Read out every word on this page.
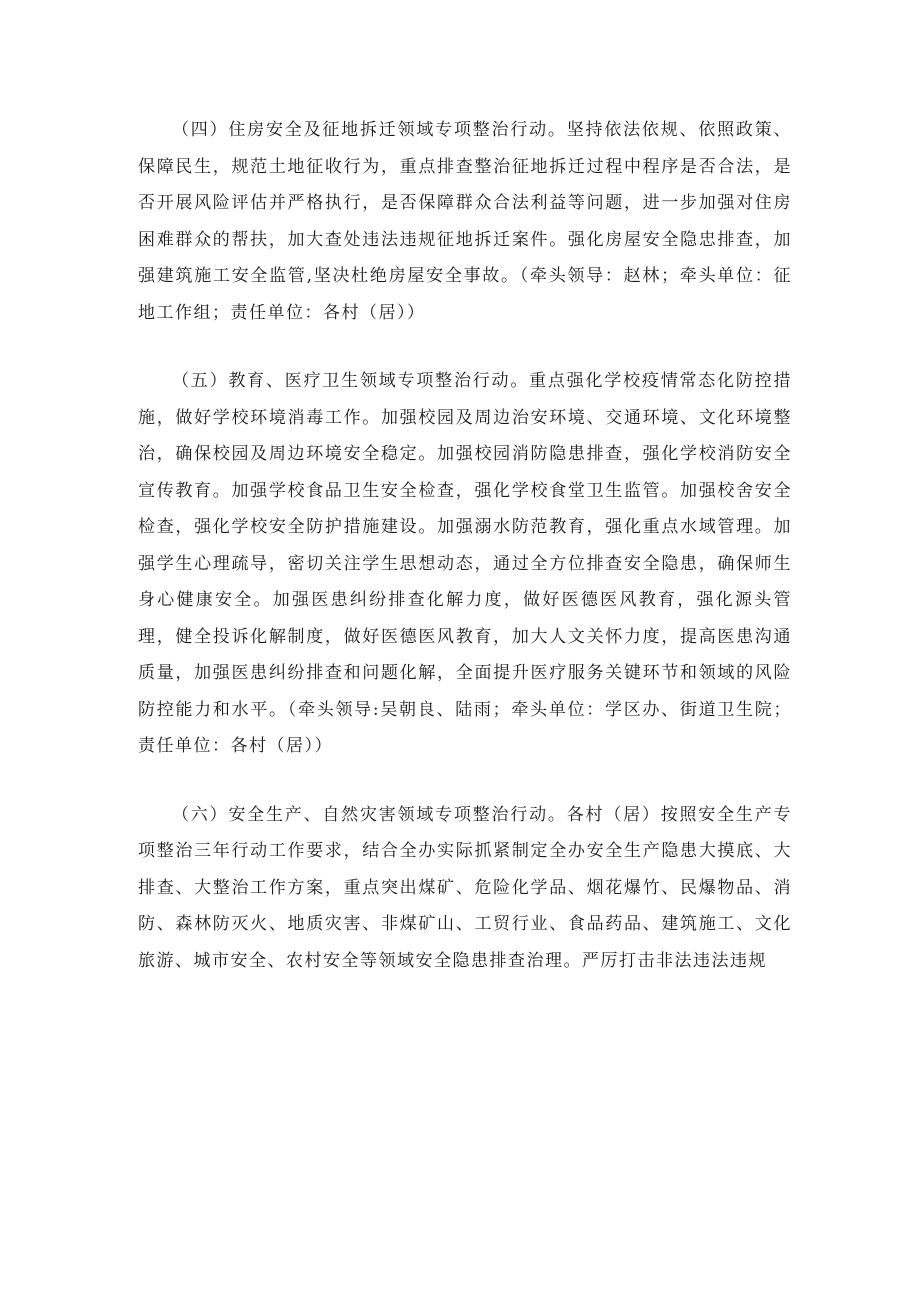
（四）住房安全及征地拆迁领域专项整治行动。坚持依法依规、依照政策、保障民生，规范土地征收行为，重点排查整治征地拆迁过程中程序是否合法，是否开展风险评估并严格执行，是否保障群众合法利益等问题，进一步加强对住房困难群众的帮扶，加大查处违法违规征地拆迁案件。强化房屋安全隐忠排查，加强建筑施工安全监管,坚决杜绝房屋安全事故。（牵头领导：赵林；牵头单位：征地工作组；责任单位：各村（居））

（五）教育、医疗卫生领域专项整治行动。重点强化学校疫情常态化防控措施，做好学校环境消毒工作。加强校园及周边治安环境、交通环境、文化环境整治，确保校园及周边环境安全稳定。加强校园消防隐患排查，强化学校消防安全宣传教育。加强学校食品卫生安全检查，强化学校食堂卫生监管。加强校舍安全检查，强化学校安全防护措施建设。加强溺水防范教育，强化重点水域管理。加强学生心理疏导，密切关注学生思想动态，通过全方位排查安全隐患，确保师生身心健康安全。加强医患纠纷排查化解力度，做好医德医风教育，强化源头管理，健全投诉化解制度，做好医德医风教育，加大人文关怀力度，提高医患沟通质量，加强医患纠纷排查和问题化解，全面提升医疗服务关键环节和领域的风险防控能力和水平。（牵头领导:吴朝良、陆雨；牵头单位：学区办、街道卫生院；责任单位：各村（居））

（六）安全生产、自然灾害领域专项整治行动。各村（居）按照安全生产专项整治三年行动工作要求，结合全办实际抓紧制定全办安全生产隐患大摸底、大排查、大整治工作方案，重点突出煤矿、危险化学品、烟花爆竹、民爆物品、消防、森林防灭火、地质灾害、非煤矿山、工贸行业、食品药品、建筑施工、文化旅游、城市安全、农村安全等领域安全隐患排查治理。严厉打击非法违法违规
